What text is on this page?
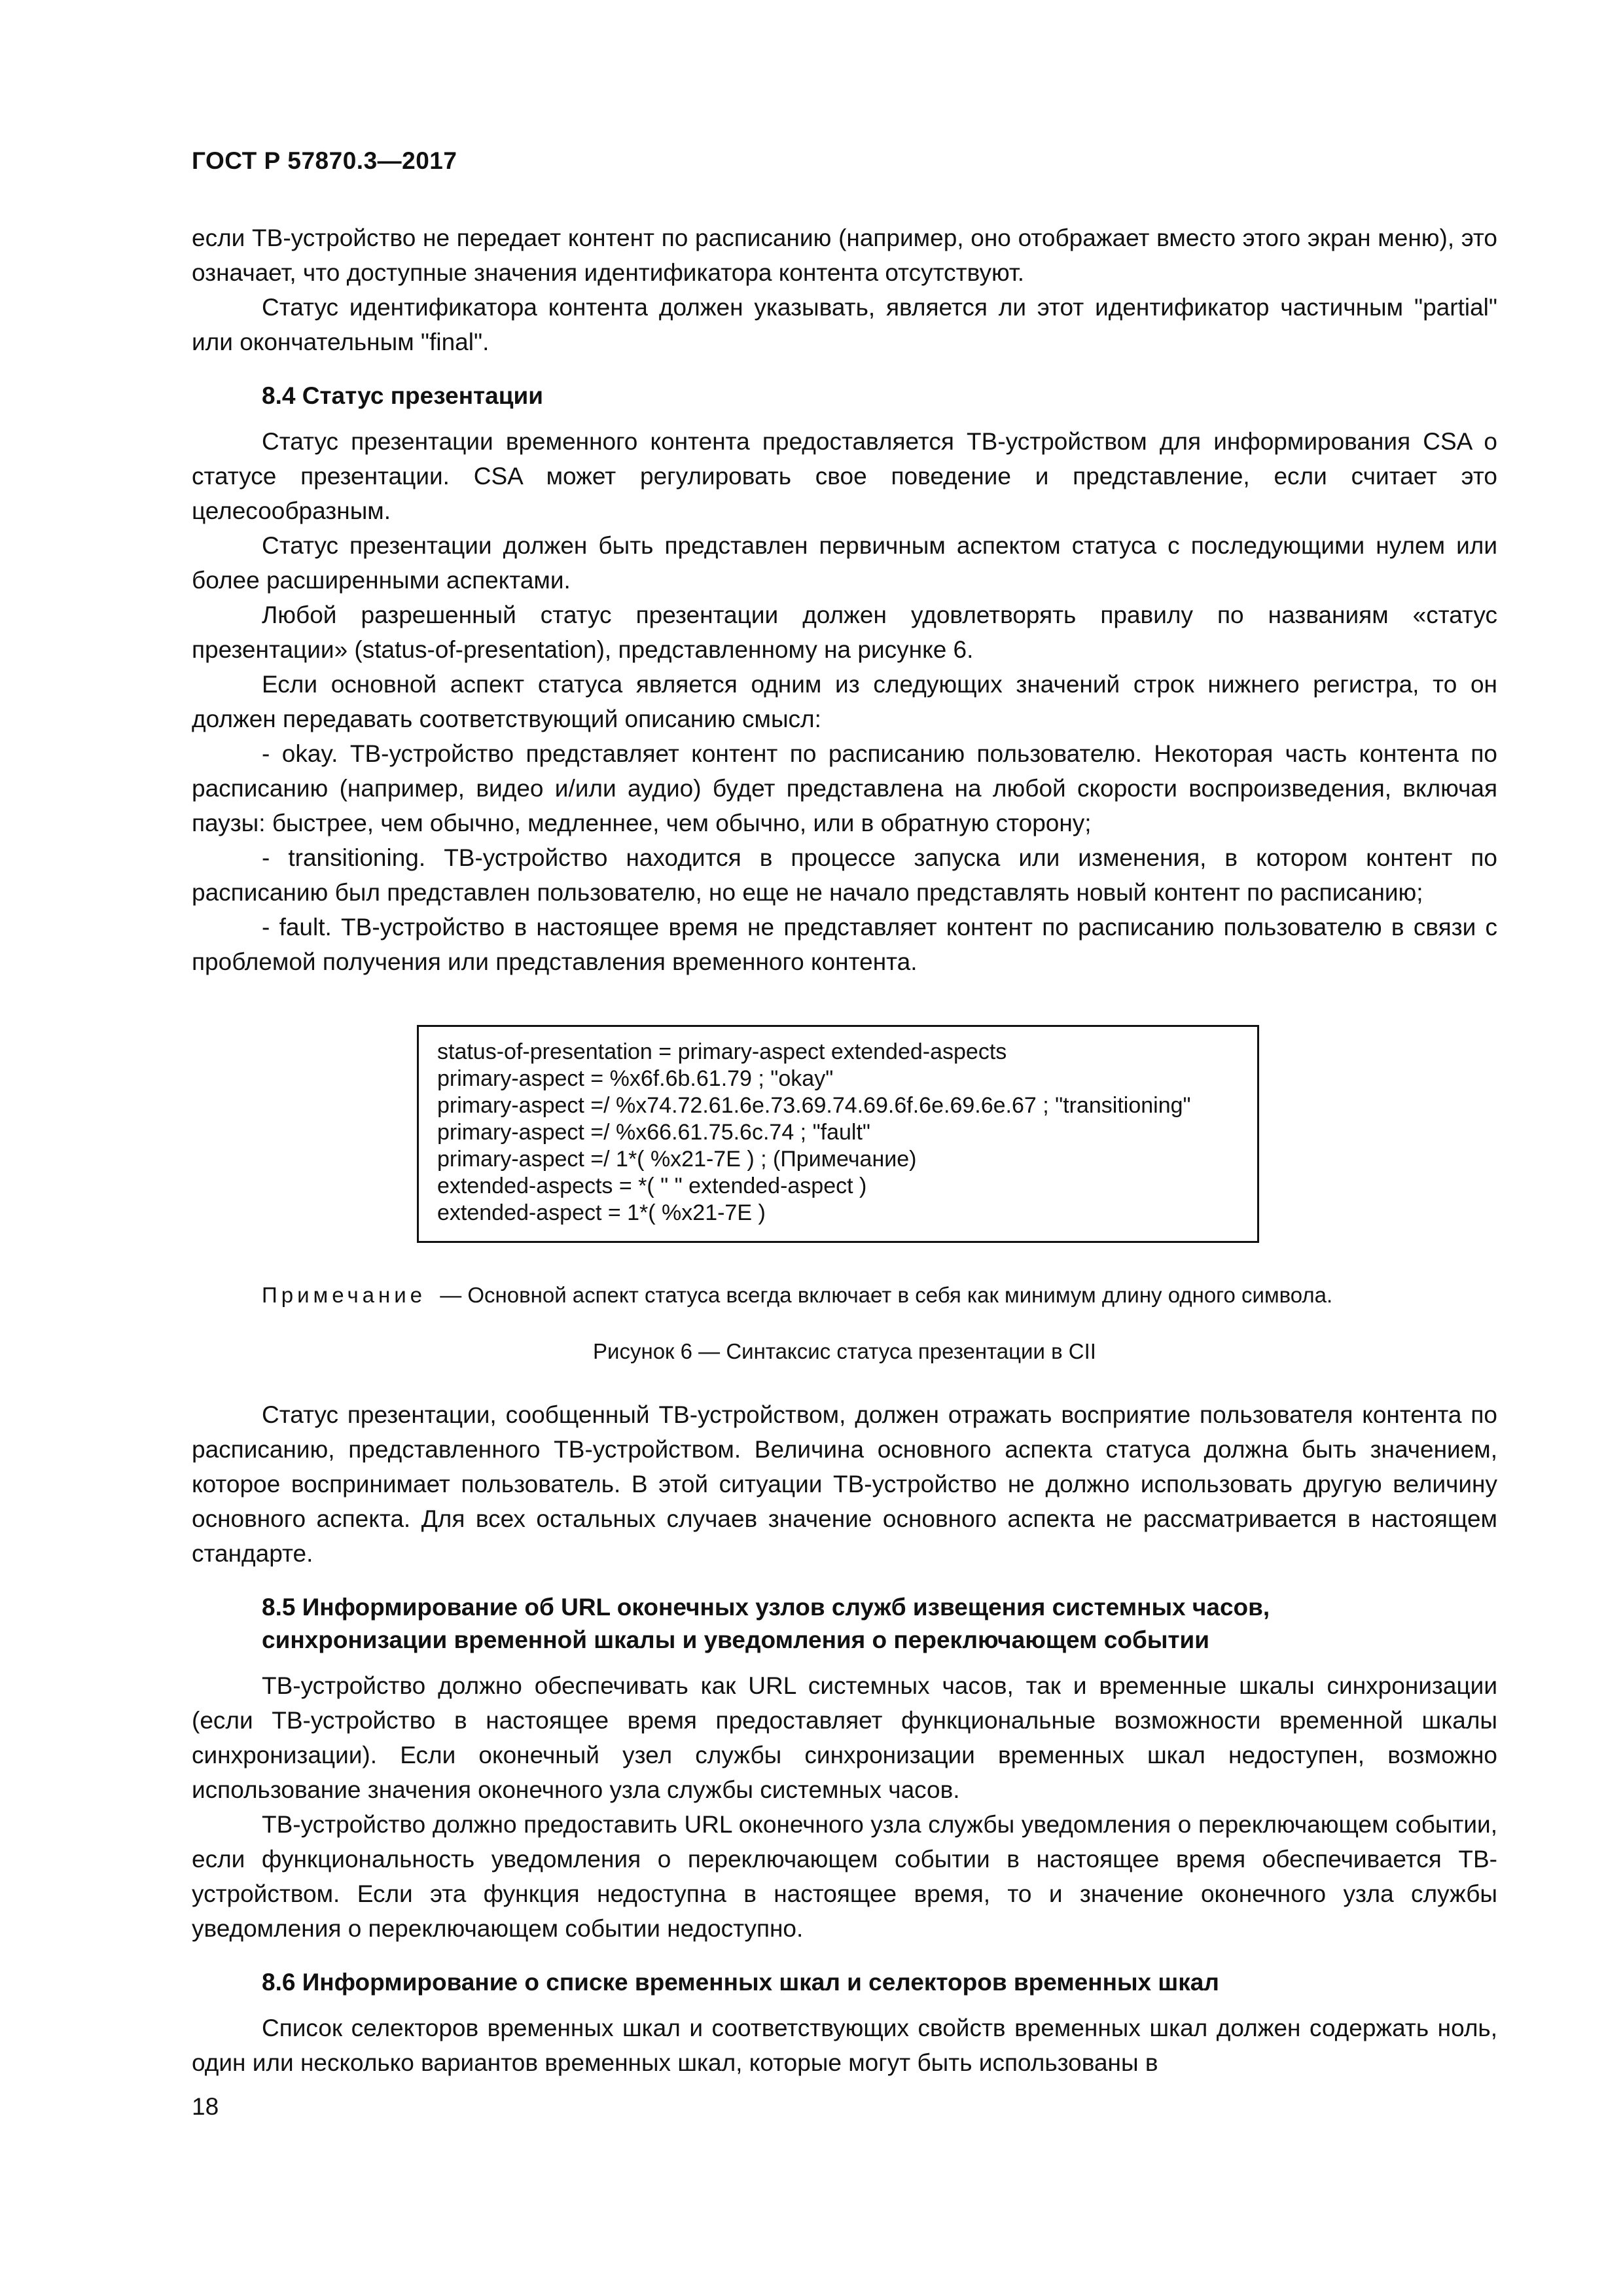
ГОСТ Р 57870.3—2017

если ТВ-устройство не передает контент по расписанию (например, оно отображает вместо этого экран меню), это означает, что доступные значения идентификатора контента отсутствуют.

Статус идентификатора контента должен указывать, является ли этот идентификатор частичным "partial" или окончательным "final".

8.4 Статус презентации

Статус презентации временного контента предоставляется ТВ-устройством для информирования CSA о статусе презентации. CSA может регулировать свое поведение и представление, если считает это целесообразным.

Статус презентации должен быть представлен первичным аспектом статуса с последующими нулем или более расширенными аспектами.

Любой разрешенный статус презентации должен удовлетворять правилу по названиям «статус презентации» (status-of-presentation), представленному на рисунке 6.

Если основной аспект статуса является одним из следующих значений строк нижнего регистра, то он должен передавать соответствующий описанию смысл:

- okay. ТВ-устройство представляет контент по расписанию пользователю. Некоторая часть контента по расписанию (например, видео и/или аудио) будет представлена на любой скорости воспроизведения, включая паузы: быстрее, чем обычно, медленнее, чем обычно, или в обратную сторону;

- transitioning. ТВ-устройство находится в процессе запуска или изменения, в котором контент по расписанию был представлен пользователю, но еще не начало представлять новый контент по расписанию;

- fault. ТВ-устройство в настоящее время не представляет контент по расписанию пользователю в связи с проблемой получения или представления временного контента.

status-of-presentation = primary-aspect extended-aspects
primary-aspect = %x6f.6b.61.79 ; "okay"
primary-aspect =/ %x74.72.61.6e.73.69.74.69.6f.6e.69.6e.67 ; "transitioning"
primary-aspect =/ %x66.61.75.6c.74 ; "fault"
primary-aspect =/ 1*( %x21-7E ) ; (Примечание)
extended-aspects = *( " " extended-aspect )
extended-aspect = 1*( %x21-7E )
Примечание — Основной аспект статуса всегда включает в себя как минимум длину одного символа.
Рисунок 6 — Синтаксис статуса презентации в CII

Статус презентации, сообщенный ТВ-устройством, должен отражать восприятие пользователя контента по расписанию, представленного ТВ-устройством. Величина основного аспекта статуса должна быть значением, которое воспринимает пользователь. В этой ситуации ТВ-устройство не должно использовать другую величину основного аспекта. Для всех остальных случаев значение основного аспекта не рассматривается в настоящем стандарте.

8.5 Информирование об URL оконечных узлов служб извещения системных часов,
синхронизации временной шкалы и уведомления о переключающем событии

ТВ-устройство должно обеспечивать как URL системных часов, так и временные шкалы синхронизации (если ТВ-устройство в настоящее время предоставляет функциональные возможности временной шкалы синхронизации). Если оконечный узел службы синхронизации временных шкал недоступен, возможно использование значения оконечного узла службы системных часов.

ТВ-устройство должно предоставить URL оконечного узла службы уведомления о переключающем событии, если функциональность уведомления о переключающем событии в настоящее время обеспечивается ТВ-устройством. Если эта функция недоступна в настоящее время, то и значение оконечного узла службы уведомления о переключающем событии недоступно.

8.6 Информирование о списке временных шкал и селекторов временных шкал

Список селекторов временных шкал и соответствующих свойств временных шкал должен содержать ноль, один или несколько вариантов временных шкал, которые могут быть использованы в

18
